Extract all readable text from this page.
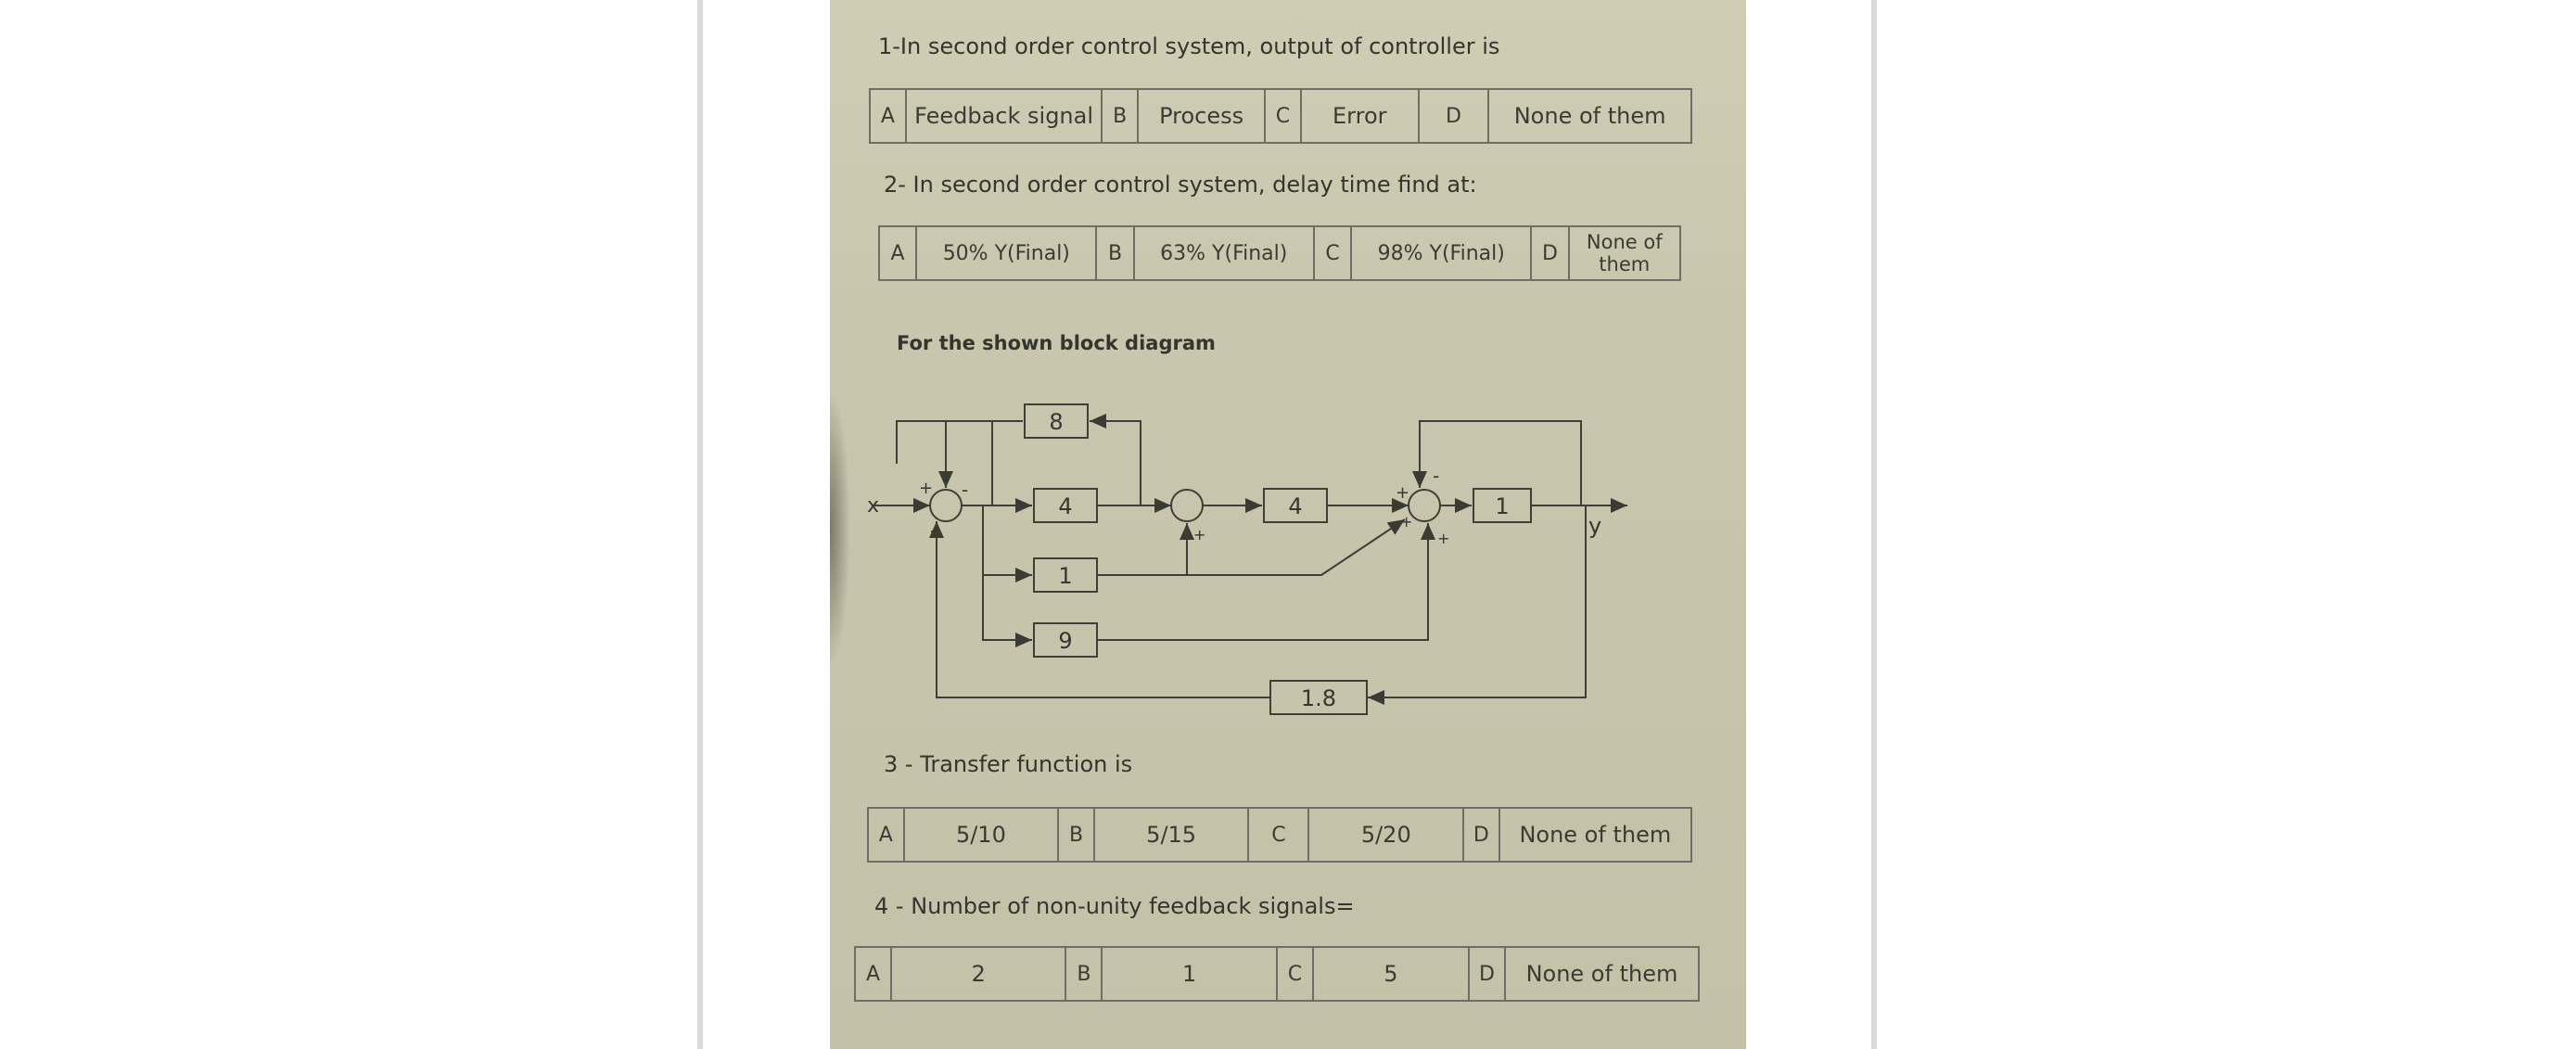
1-In second order control system, output of controller is
A	Feedback signal	B	Process	C	Error	D	None of them
2- In second order control system, delay time find at:
A	50% Y(Final)	B	63% Y(Final)	C	98% Y(Final)	D	None of them
For the shown block diagram
4	4	1
8
1
9
1.8
x
y
+
-
-
+
+
-
+
+
3 - Transfer function is
A	5/10	B	5/15	C	5/20	D	None of them
4 - Number of non-unity feedback signals=
A	2	B	1	C	5	D	None of them
